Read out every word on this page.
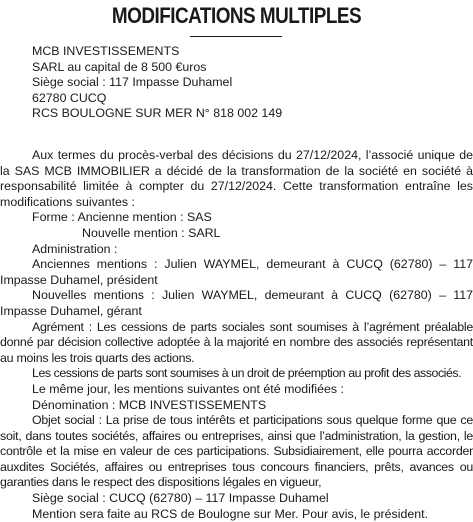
MODIFICATIONS MULTIPLES
MCB INVESTISSEMENTS
SARL au capital de 8 500 €uros
Siège social : 117 Impasse Duhamel
62780 CUCQ
RCS BOULOGNE SUR MER N° 818 002 149

Aux termes du procès-verbal des décisions du 27/12/2024, l’associé unique de la SAS MCB IMMOBILIER a décidé de la transformation de la société en société à responsabilité limitée à compter du 27/12/2024. Cette transformation entraîne les modifications suivantes :

Forme : Ancienne mention : SAS

Nouvelle mention : SARL

Administration :

Anciennes mentions : Julien WAYMEL, demeurant à CUCQ (62780) – 117 Impasse Duhamel, président

Nouvelles mentions : Julien WAYMEL, demeurant à CUCQ (62780) – 117 Impasse Duhamel, gérant

Agrément : Les cessions de parts sociales sont soumises à l’agrément préalable donné par décision collective adoptée à la majorité en nombre des associés représentant au moins les trois quarts des actions.

Les cessions de parts sont soumises à un droit de préemption au profit des associés.

Le même jour, les mentions suivantes ont été modifiées :

Dénomination : MCB INVESTISSEMENTS

Objet social : La prise de tous intérêts et participations sous quelque forme que ce soit, dans toutes sociétés, affaires ou entreprises, ainsi que l’administration, la gestion, le contrôle et la mise en valeur de ces participations. Subsidiairement, elle pourra accorder auxdites Sociétés, affaires ou entreprises tous concours financiers, prêts, avances ou garanties dans le respect des dispositions légales en vigueur,

Siège social : CUCQ (62780) – 117 Impasse Duhamel

Mention sera faite au RCS de Boulogne sur Mer. Pour avis, le président.
